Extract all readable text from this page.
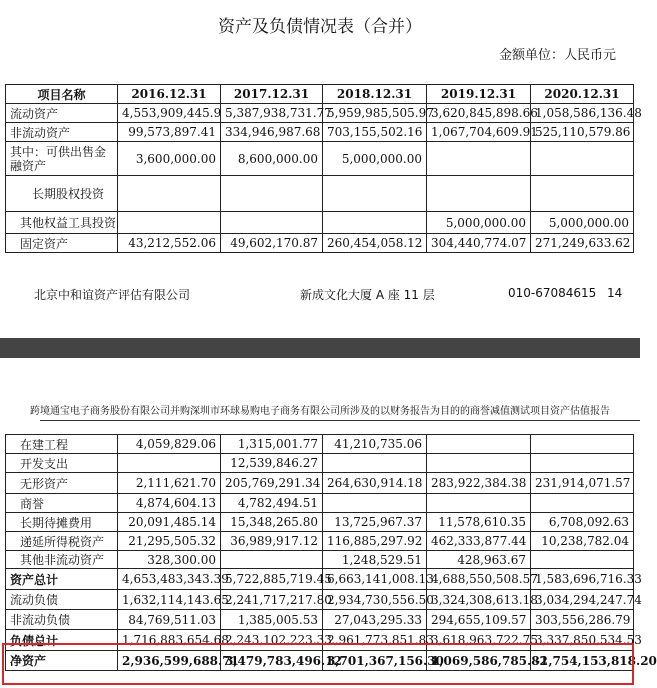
资产及负债情况表（合并）
金额单位：人民币元
项目名称	2016.12.31	2017.12.31	2018.12.31	2019.12.31	2020.12.31
流动资产	4,553,909,445.9	5,387,938,731.77	5,959,985,505.97	3,620,845,898.66	1,058,586,136.48
非流动资产	99,573,897.41	334,946,987.68	703,155,502.16	1,067,704,609.91	525,110,579.86
其中：可供出售金融资产	3,600,000.00	8,600,000.00	5,000,000.00		
长期股权投资					
其他权益工具投资				5,000,000.00	5,000,000.00
固定资产	43,212,552.06	49,602,170.87	260,454,058.12	304,440,774.07	271,249,633.62
北京中和谊资产评估有限公司	新成文化大厦 A 座 11 层	010-67084615 14
跨境通宝电子商务股份有限公司并购深圳市环球易购电子商务有限公司所涉及的以财务报告为目的的商誉减值测试项目资产估值报告
在建工程	4,059,829.06	1,315,001.77	41,210,735.06		
开发支出		12,539,846.27			
无形资产	2,111,621.70	205,769,291.34	264,630,914.18	283,922,384.38	231,914,071.57
商誉	4,874,604.13	4,782,494.51			
长期待摊费用	20,091,485.14	15,348,265.80	13,725,967.37	11,578,610.35	6,708,092.63
递延所得税资产	21,295,505.32	36,989,917.12	116,885,297.92	462,333,877.44	10,238,782.04
其他非流动资产	328,300.00		1,248,529.51	428,963.67	
资产总计	4,653,483,343.39	5,722,885,719.45	6,663,141,008.13	4,688,550,508.57	1,583,696,716.33
流动负债	1,632,114,143.65	2,241,717,217.80	2,934,730,556.50	3,324,308,613.18	3,034,294,247.74
非流动负债	84,769,511.03	1,385,005.53	27,043,295.33	294,655,109.57	303,556,286.79
负债总计	1,716,883,654.68	2,243,102,223.33	2,961,773,851.83	3,618,963,722.75	3,337,850,534.53
净资产	2,936,599,688.71	3,479,783,496.12	3,701,367,156.30	1,069,586,785.82	-1,754,153,818.20
